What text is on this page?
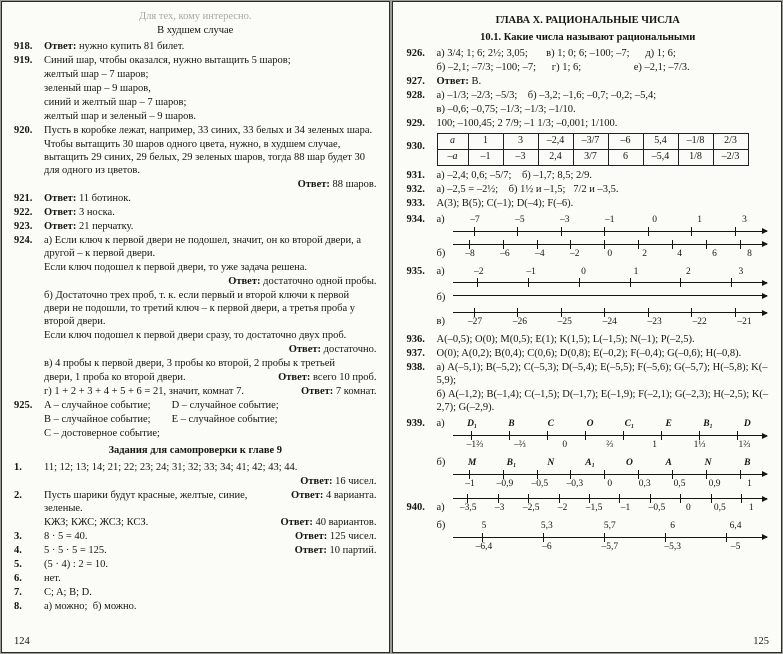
Для тех, кому интересно.
В худшем случае
918.	Ответ: нужно купить 81 билет.
919.	Синий шар, чтобы оказался, нужно вытащить 5 шаров;
желтый шар – 7 шаров;
зеленый шар – 9 шаров,
синий и желтый шар – 7 шаров;
желтый шар и зеленый – 9 шаров.
920.	Пусть в коробке лежат, например, 33 синих, 33 белых и 34 зеленых шара.
Чтобы вытащить 30 шаров одного цвета, нужно, в худшем случае, вытащить 29 синих, 29 белых, 29 зеленых шаров, тогда 88 шар будет 30 для одного из цветов.
Ответ: 88 шаров.
921.	Ответ: 11 ботинок.
922.	Ответ: 3 носка.
923.	Ответ: 21 перчатку.
924.	а) Если ключ к первой двери не подошел, значит, он ко второй двери, а другой – к первой двери.
Если ключ подошел к первой двери, то уже задача решена.
Ответ: достаточно одной пробы.
б) Достаточно трех проб, т. к. если первый и второй ключи к первой двери не подошли, то третий ключ – к первой двери, а третья проба у второй двери.
Если ключ подошел к первой двери сразу, то достаточно двух проб.
Ответ: достаточно.
в) 4 пробы к первой двери, 3 пробы ко второй, 2 пробы к третьей
двери, 1 проба ко второй двери.	Ответ: всего 10 проб.
г) 1 + 2 + 3 + 4 + 5 + 6 = 21, значит, комнат 7.	Ответ: 7 комнат.
925.	A – случайное событие;        D – случайное событие;
B – случайное событие;        E – случайное событие;
C – достоверное событие;
Задания для самопроверки к главе 9
1.	11; 12; 13; 14; 21; 22; 23; 24; 31; 32; 33; 34; 41; 42; 43; 44.
Ответ: 16 чисел.
2.	Пусть шарики будут красные, желтые, синие, зеленые.
Ответ: 4 варианта.
КЖЗ; КЖС; ЖСЗ; КСЗ.	Ответ: 40 вариантов.
3.	8 · 5 = 40.	Ответ: 125 чисел.
4.	5 · 5 · 5 = 125.	Ответ: 10 партий.
5.	(5 · 4) : 2 = 10.
6.	нет.
7.	C; A; B; D.
8.	а) можно;  б) можно.
124
ГЛАВА X. РАЦИОНАЛЬНЫЕ ЧИСЛА
10.1. Какие числа называют рациональными
926.	а) 3/4; 1; 6; 2½; 3,05;       в) 1; 0; 6; –100; –7;      д) 1; 6;
б) –2,1; –7/3; –100; –7;      г) 1; 6;                    е) –2,1; –7/3.
927.	Ответ: В.
928.	а) –1/3; –2/3; –5/3;    б) –3,2; –1,6; –0,7; –0,2; –5,4;
в) –0,6; –0,75; –1/3; –1/3; –1/10.
929.	100; –100,45; 2 7/9; –1 1/3; –0,001; 1/100.
930.
a	1	3	–2,4	–3/7	–6	5,4	–1/8	2/3
–a	–1	–3	2,4	3/7	6	–5,4	1/8	–2/3
931.	а) –2,4; 0,6; –5/7;    б) –1,7; 8,5; 2/9.
932.	а) –2,5 = –2½;    б) 1½ и –1,5;   7/2 и –3,5.
933.	A(3); B(5); C(–1); D(–4); F(–6).
934.	а)	–7	–5	–3	–1	0	1	3
б)	–8	–6	–4	–2	0	2	4	6	8
935.	а)	–2	–1	0	1	2	3
б)
в)	–27	–26	–25	–24	–23	–22	–21
936.	A(–0,5); O(0); M(0,5); E(1); K(1,5); L(–1,5); N(–1); P(–2,5).
937.	O(0); A(0,2); B(0,4); C(0,6); D(0,8); E(–0,2); F(–0,4); G(–0,6); H(–0,8).
938.	а) A(–5,1); B(–5,2); C(–5,3); D(–5,4); E(–5,5); F(–5,6); G(–5,7); H(–5,8); K(–5,9);
б) A(–1,2); B(–1,4); C(–1,5); D(–1,7); E(–1,9); F(–2,1); G(–2,3); H(–2,5); K(–2,7); G(–2,9).
939.	а)	D₁	B	C	O	C₁	E	B₁	D
–1⅔	–⅔	0	⅔	1	1⅓	1⅔
б)	M	B₁	N	A₁	O	A	N	B
–1	–0,9	–0,5	–0,3	0	0,3	0,5	0,9	1
940.	а)	–3,5	–3	–2,5	–2	–1,5	–1	–0,5	0	0,5	1
б)	5	5,3	5,7	6	6,4
–6,4	–6	–5,7	–5,3	–5
125
